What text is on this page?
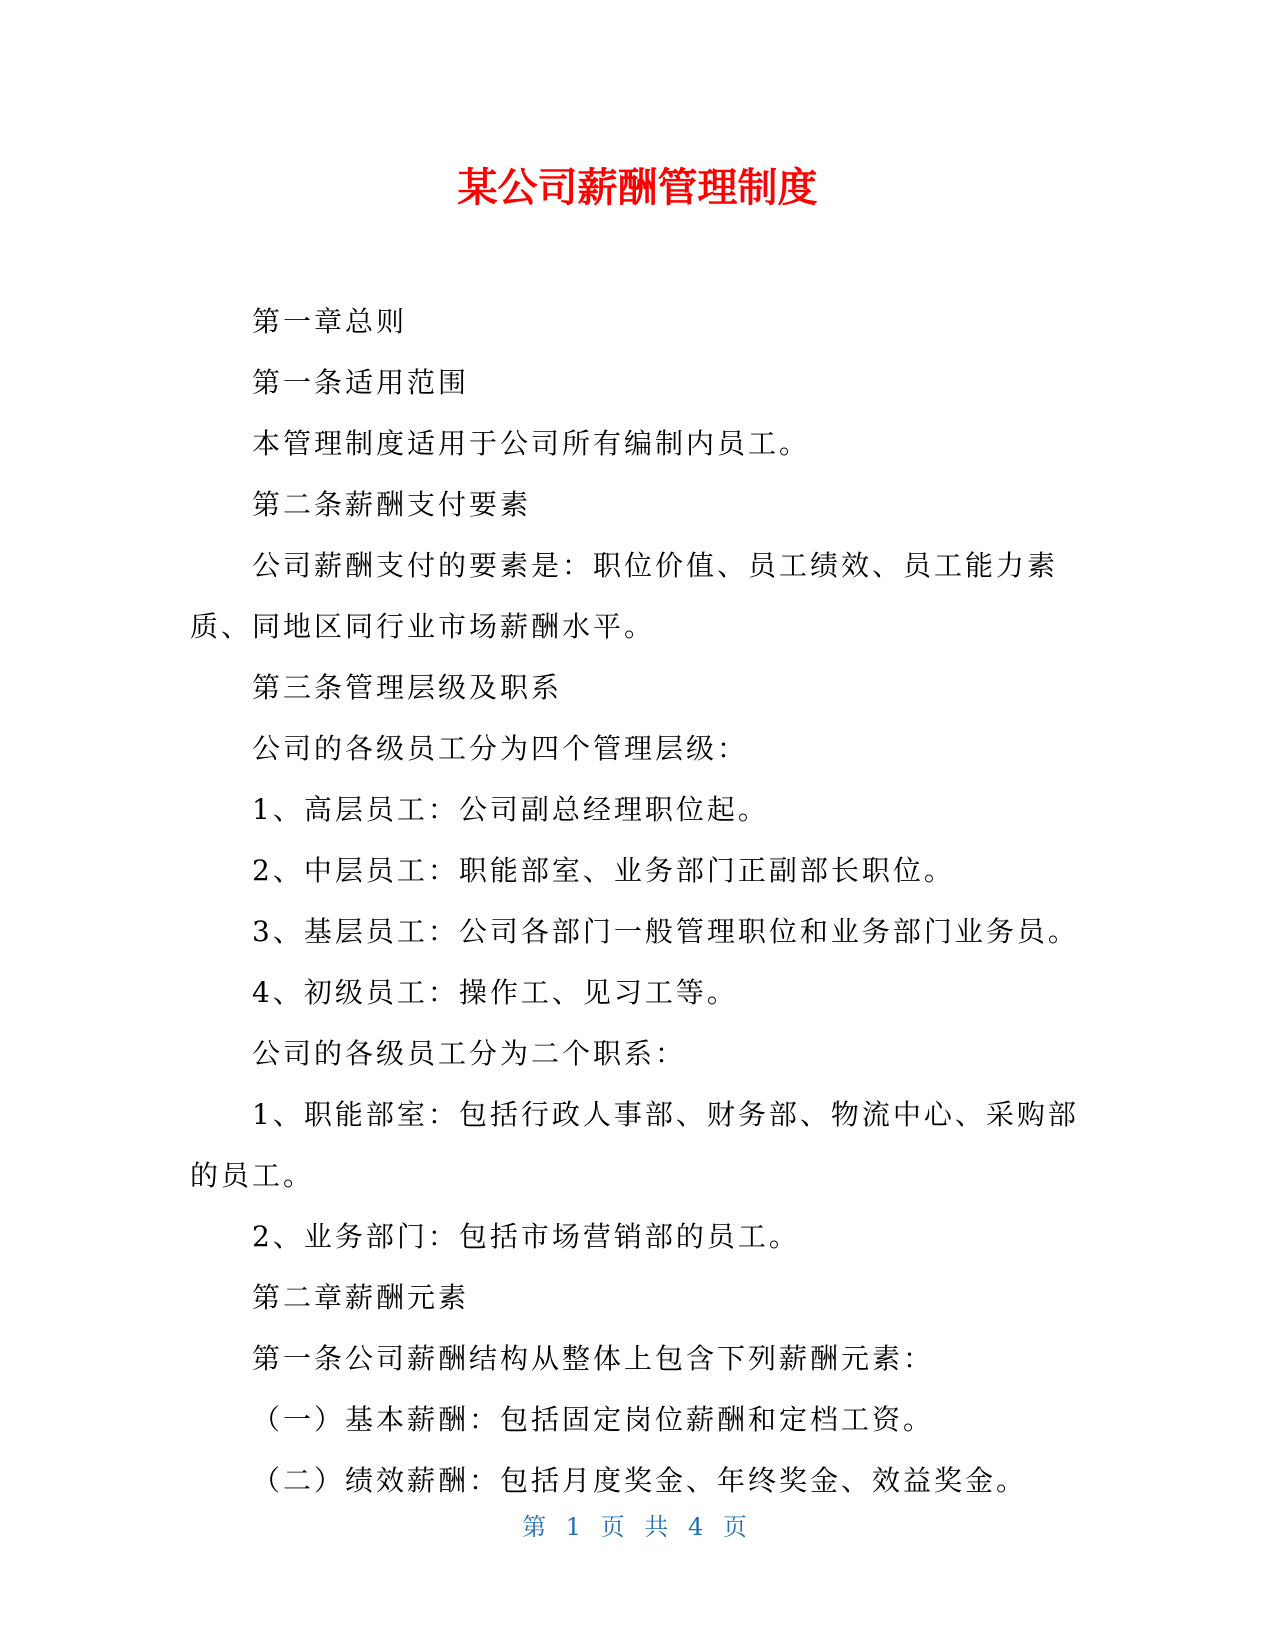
某公司薪酬管理制度

第一章总则

第一条适用范围

本管理制度适用于公司所有编制内员工。

第二条薪酬支付要素

公司薪酬支付的要素是：职位价值、员工绩效、员工能力素质、同地区同行业市场薪酬水平。

第三条管理层级及职系

公司的各级员工分为四个管理层级：

1、高层员工：公司副总经理职位起。

2、中层员工：职能部室、业务部门正副部长职位。

3、基层员工：公司各部门一般管理职位和业务部门业务员。

4、初级员工：操作工、见习工等。

公司的各级员工分为二个职系：

1、职能部室：包括行政人事部、财务部、物流中心、采购部的员工。

2、业务部门：包括市场营销部的员工。

第二章薪酬元素

第一条公司薪酬结构从整体上包含下列薪酬元素：

（一）基本薪酬：包括固定岗位薪酬和定档工资。

（二）绩效薪酬：包括月度奖金、年终奖金、效益奖金。

第 1 页 共 4 页
